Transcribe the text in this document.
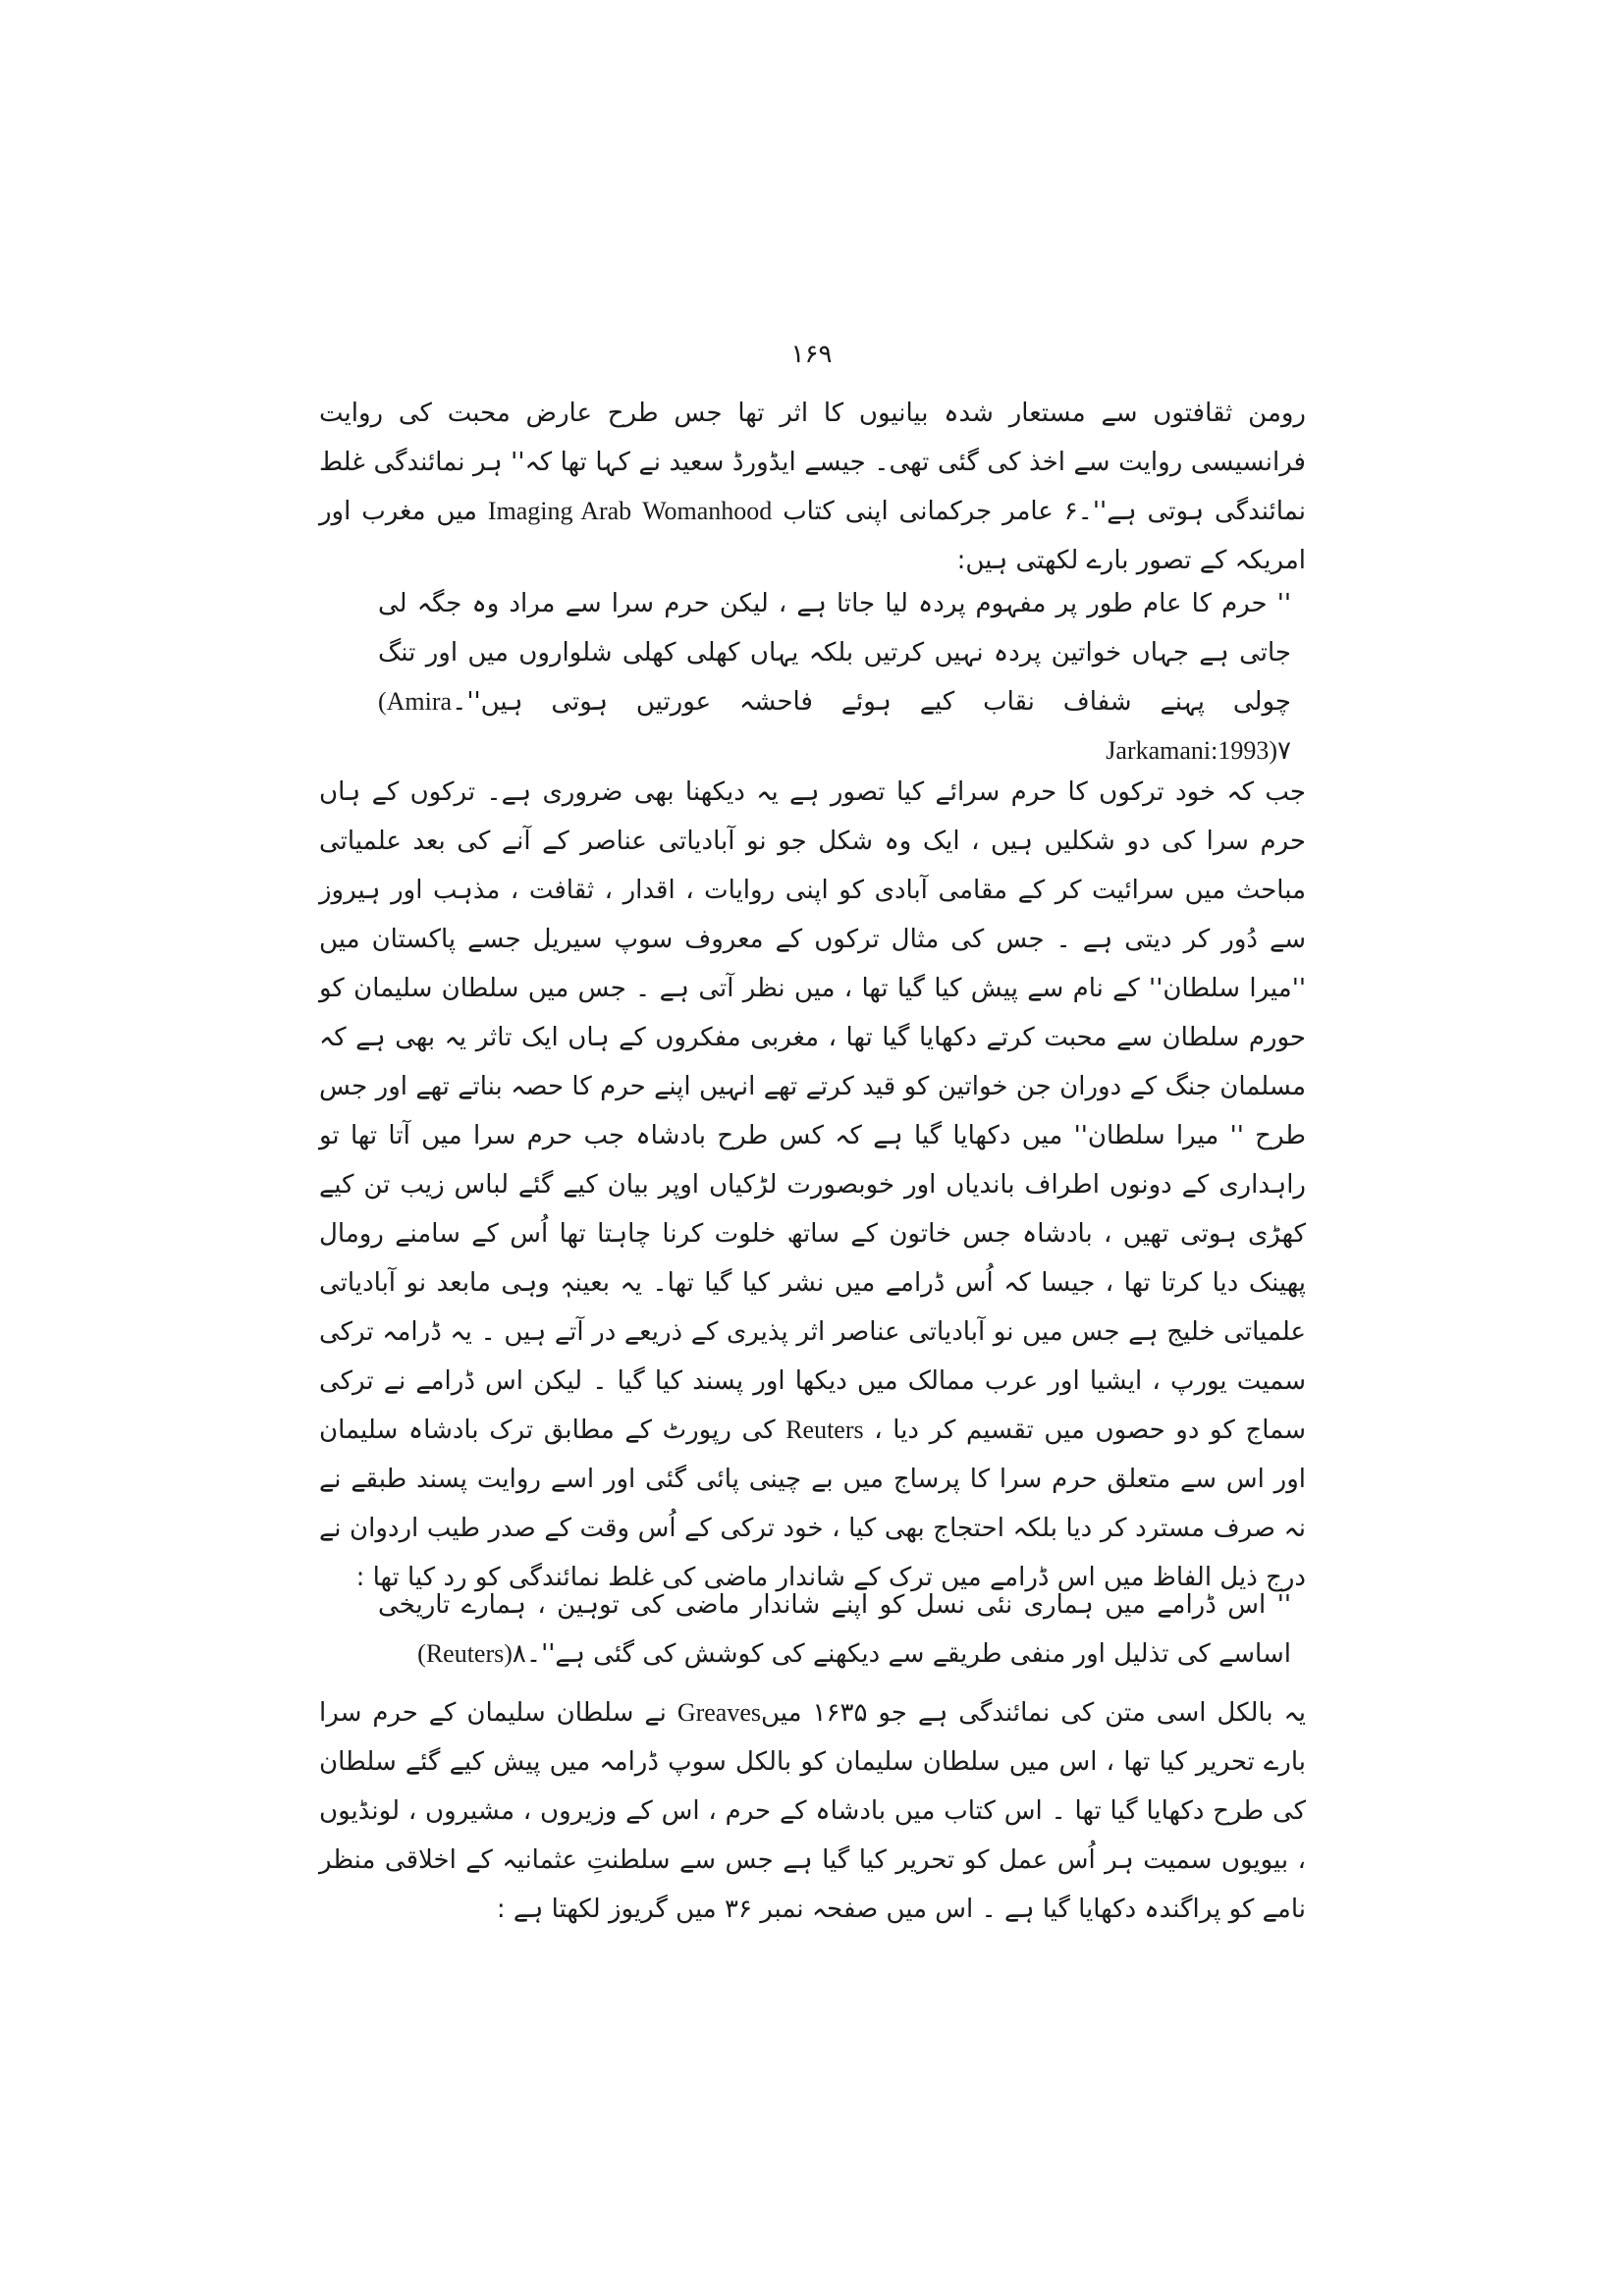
۱۶۹
رومن ثقافتوں سے مستعار شدہ بیانیوں کا اثر تھا جس طرح عارض محبت کی روایت فرانسیسی روایت سے اخذ کی گئی تھی۔ جیسے ایڈورڈ سعید نے کہا تھا کہ'' ہر نمائندگی غلط نمائندگی ہوتی ہے''۔۶ عامر جرکمانی اپنی کتاب Imaging Arab Womanhood میں مغرب اور امریکہ کے تصور بارے لکھتی ہیں:
'' حرم کا عام طور پر مفہوم پردہ لیا جاتا ہے ، لیکن حرم سرا سے مراد وہ جگہ لی جاتی ہے جہاں خواتین پردہ نہیں کرتیں بلکہ یہاں کھلی کھلی شلواروں میں اور تنگ چولی پہنے شفاف نقاب کیے ہوئے فاحشہ عورتیں ہوتی ہیں''۔(Amira Jarkamani:1993)۷
جب کہ خود ترکوں کا حرم سرائے کیا تصور ہے یہ دیکھنا بھی ضروری ہے۔ ترکوں کے ہاں حرم سرا کی دو شکلیں ہیں ، ایک وہ شکل جو نو آبادیاتی عناصر کے آنے کی بعد علمیاتی مباحث میں سرائیت کر کے مقامی آبادی کو اپنی روایات ، اقدار ، ثقافت ، مذہب اور ہیروز سے دُور کر دیتی ہے ۔ جس کی مثال ترکوں کے معروف سوپ سیریل جسے پاکستان میں ''میرا سلطان'' کے نام سے پیش کیا گیا تھا ، میں نظر آتی ہے ۔ جس میں سلطان سلیمان کو حورم سلطان سے محبت کرتے دکھایا گیا تھا ، مغربی مفکروں کے ہاں ایک تاثر یہ بھی ہے کہ مسلمان جنگ کے دوران جن خواتین کو قید کرتے تھے انہیں اپنے حرم کا حصہ بناتے تھے اور جس طرح '' میرا سلطان'' میں دکھایا گیا ہے کہ کس طرح بادشاہ جب حرم سرا میں آتا تھا تو راہداری کے دونوں اطراف باندیاں اور خوبصورت لڑکیاں اوپر بیان کیے گئے لباس زیب تن کیے کھڑی ہوتی تھیں ، بادشاہ جس خاتون کے ساتھ خلوت کرنا چاہتا تھا اُس کے سامنے رومال پھینک دیا کرتا تھا ، جیسا کہ اُس ڈرامے میں نشر کیا گیا تھا۔ یہ بعینہٖ وہی مابعد نو آبادیاتی علمیاتی خلیج ہے جس میں نو آبادیاتی عناصر اثر پذیری کے ذریعے در آتے ہیں ۔ یہ ڈرامہ ترکی سمیت یورپ ، ایشیا اور عرب ممالک میں دیکھا اور پسند کیا گیا ۔ لیکن اس ڈرامے نے ترکی سماج کو دو حصوں میں تقسیم کر دیا ، Reuters کی رپورٹ کے مطابق ترک بادشاہ سلیمان اور اس سے متعلق حرم سرا کا پرساج میں بے چینی پائی گئی اور اسے روایت پسند طبقے نے نہ صرف مسترد کر دیا بلکہ احتجاج بھی کیا ، خود ترکی کے اُس وقت کے صدر طیب اردوان نے درج ذیل الفاظ میں اس ڈرامے میں ترک کے شاندار ماضی کی غلط نمائندگی کو رد کیا تھا :
'' اس ڈرامے میں ہماری نئی نسل کو اپنے شاندار ماضی کی توہین ، ہمارے تاریخی اساسے کی تذلیل اور منفی طریقے سے دیکھنے کی کوشش کی گئی ہے''۔(Reuters)۸
یہ بالکل اسی متن کی نمائندگی ہے جو ۱۶۳۵ میںGreaves نے سلطان سلیمان کے حرم سرا بارے تحریر کیا تھا ، اس میں سلطان سلیمان کو بالکل سوپ ڈرامہ میں پیش کیے گئے سلطان کی طرح دکھایا گیا تھا ۔ اس کتاب میں بادشاہ کے حرم ، اس کے وزیروں ، مشیروں ، لونڈیوں ، بیویوں سمیت ہر اُس عمل کو تحریر کیا گیا ہے جس سے سلطنتِ عثمانیہ کے اخلاقی منظر نامے کو پراگندہ دکھایا گیا ہے ۔ اس میں صفحہ نمبر ۳۶ میں گریوز لکھتا ہے :
